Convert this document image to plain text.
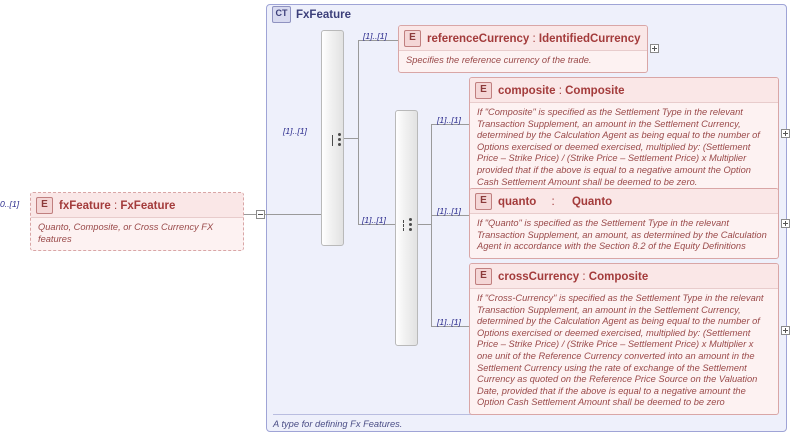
CT FxFeature
A type for defining Fx Features.
0..[1]	E fxFeature : FxFeature
Quanto, Composite, or Cross Currency FX features
[1]..[1]
[1]..[1]
[1]..[1]
E referenceCurrency : IdentifiedCurrency
Specifies the reference currency of the trade.
[1]..[1]
[1]..[1]
[1]..[1]
E composite : Composite
If "Composite" is specified as the Settlement Type in the relevant Transaction Supplement, an amount in the Settlement Currency, determined by the Calculation Agent as being equal to the number of Options exercised or deemed exercised, multiplied by: (Settlement Price – Strike Price) / (Strike Price – Settlement Price) x Multiplier provided that if the above is equal to a negative amount the Option Cash Settlement Amount shall be deemed to be zero.
E quanto : Quanto
If "Quanto" is specified as the Settlement Type in the relevant Transaction Supplement, an amount, as determined by the Calculation Agent in accordance with the Section 8.2 of the Equity Definitions
E crossCurrency : Composite
If "Cross-Currency" is specified as the Settlement Type in the relevant Transaction Supplement, an amount in the Settlement Currency, determined by the Calculation Agent as being equal to the number of Options exercised or deemed exercised, multiplied by: (Settlement Price – Strike Price) / (Strike Price – Settlement Price) x Multiplier x one unit of the Reference Currency converted into an amount in the Settlement Currency using the rate of exchange of the Settlement Currency as quoted on the Reference Price Source on the Valuation Date, provided that if the above is equal to a negative amount the Option Cash Settlement Amount shall be deemed to be zero
